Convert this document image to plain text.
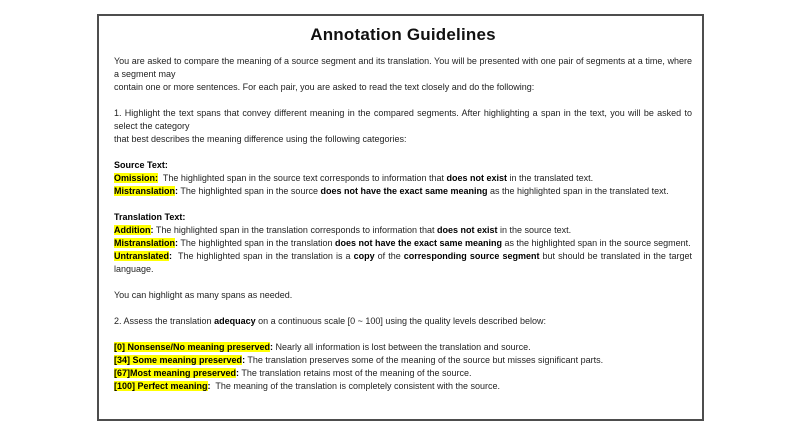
Annotation Guidelines
You are asked to compare the meaning of a source segment and its translation. You will be presented with one pair of segments at a time, where a segment may
contain one or more sentences. For each pair, you are asked to read the text closely and do the following:
1. Highlight the text spans that convey different meaning in the compared segments. After highlighting a span in the text, you will be asked to select the category
that best describes the meaning difference using the following categories:
Source Text:
Omission:  The highlighted span in the source text corresponds to information that does not exist in the translated text.
Mistranslation: The highlighted span in the source does not have the exact same meaning as the highlighted span in the translated text.
Translation Text:
Addition: The highlighted span in the translation corresponds to information that does not exist in the source text.
Mistranslation: The highlighted span in the translation does not have the exact same meaning as the highlighted span in the source segment.
Untranslated:  The highlighted span in the translation is a copy of the corresponding source segment but should be translated in the target language.
You can highlight as many spans as needed.
2. Assess the translation adequacy on a continuous scale [0 ~ 100] using the quality levels described below:
[0] Nonsense/No meaning preserved: Nearly all information is lost between the translation and source.
[34] Some meaning preserved: The translation preserves some of the meaning of the source but misses significant parts.
[67]Most meaning preserved: The translation retains most of the meaning of the source.
[100] Perfect meaning:  The meaning of the translation is completely consistent with the source.
